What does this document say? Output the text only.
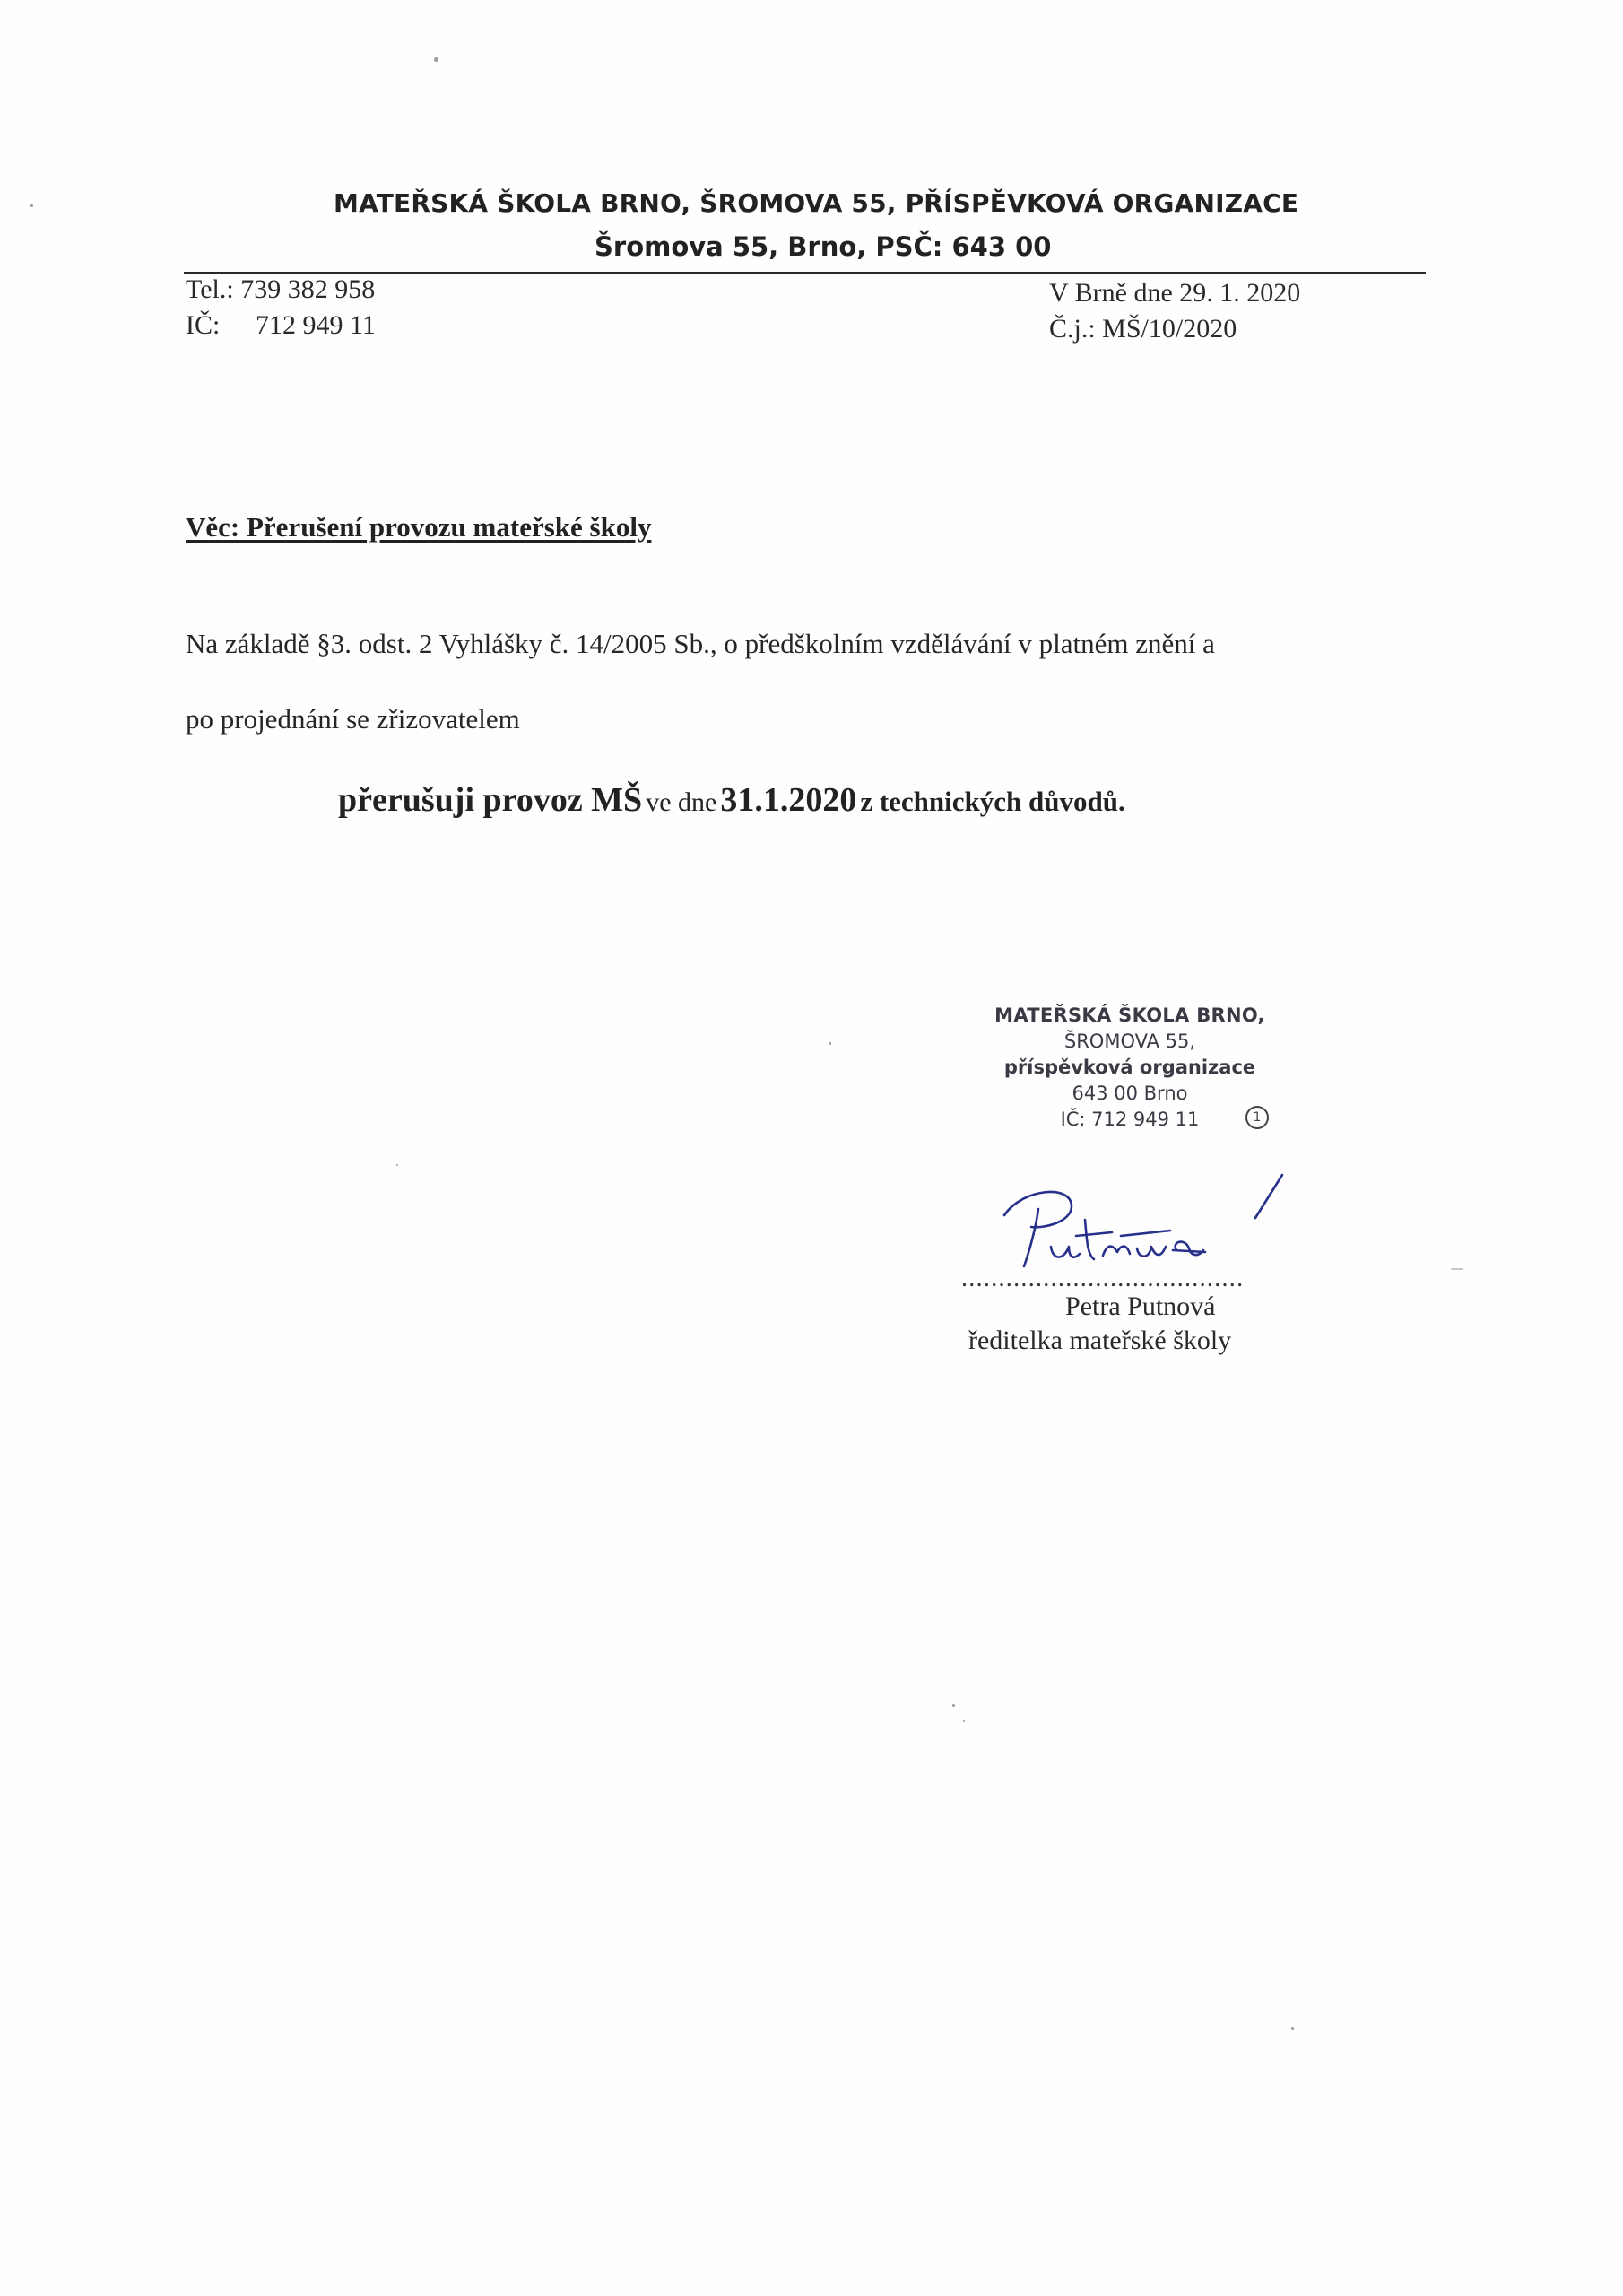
MATEŘSKÁ ŠKOLA BRNO, ŠROMOVA 55, PŘÍSPĚVKOVÁ ORGANIZACE
Šromova 55, Brno, PSČ: 643 00
Tel.: 739 382 958
IČ: 712 949 11
V Brně dne 29. 1. 2020
Č.j.: MŠ/10/2020
Věc: Přerušení provozu mateřské školy
Na základě §3. odst. 2 Vyhlášky č. 14/2005 Sb., o předškolním vzdělávání v platném znění a
po projednání se zřizovatelem
přerušuji provoz MŠ ve dne 31.1.2020 z technických důvodů.
MATEŘSKÁ ŠKOLA BRNO,
ŠROMOVA 55,
příspěvková organizace
643 00 Brno
IČ: 712 949 11	1
......................................
Petra Putnová
ředitelka mateřské školy
